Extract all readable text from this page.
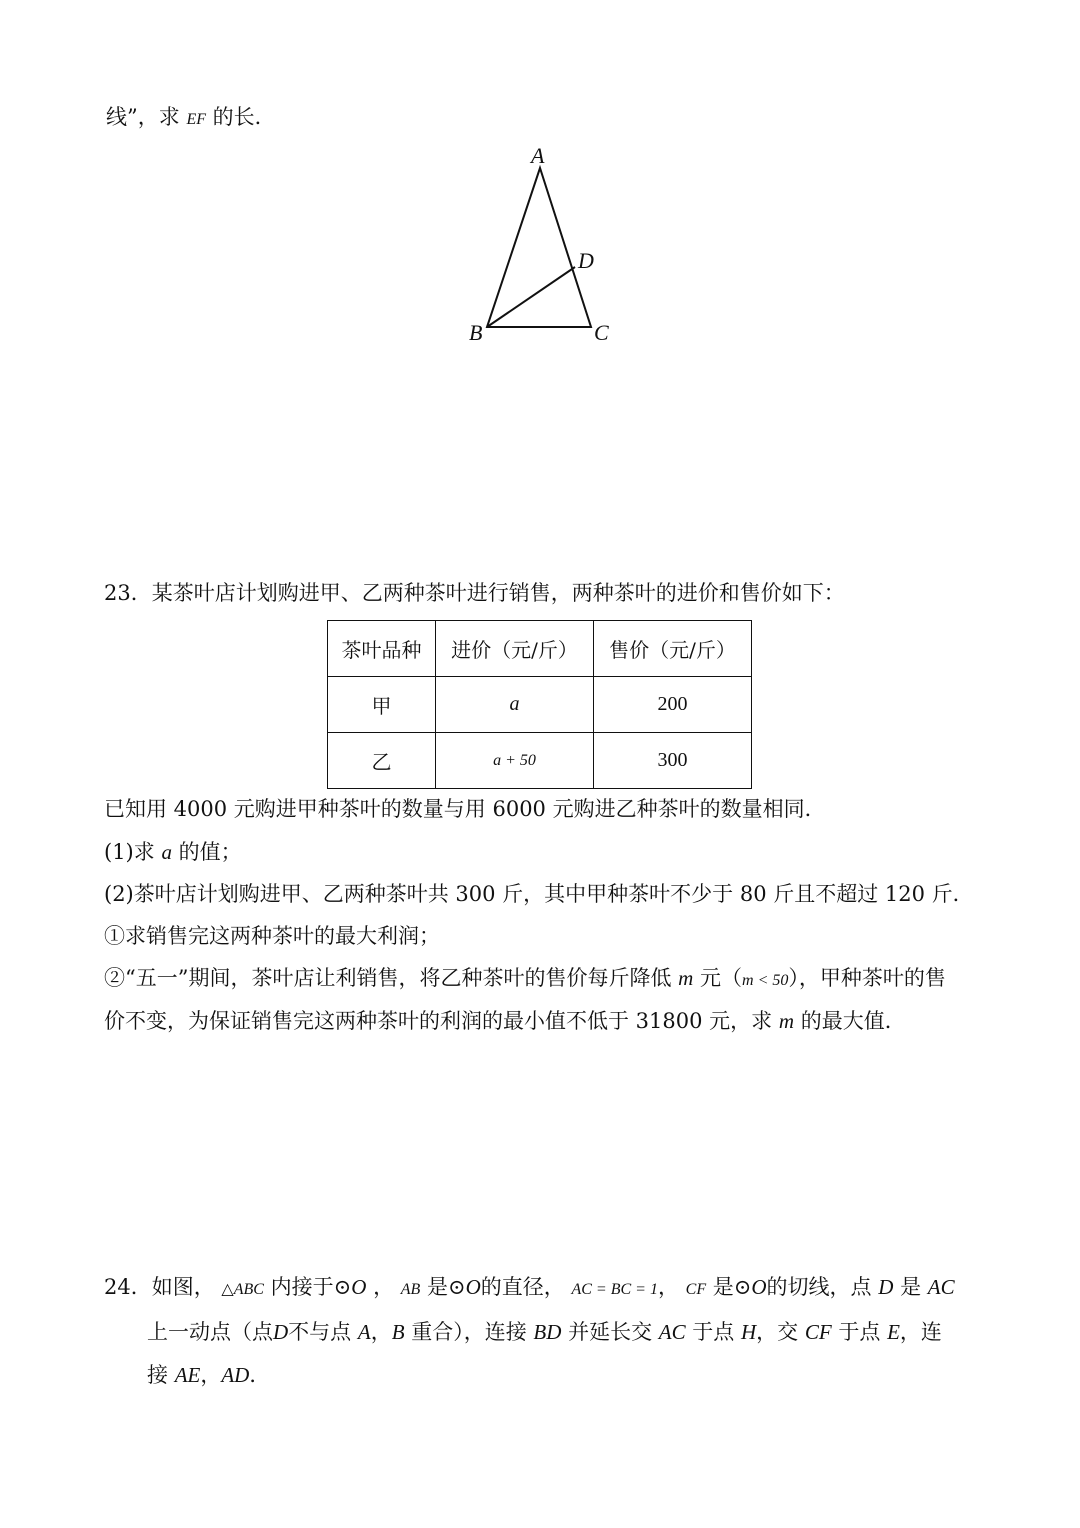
线”，求 EF 的长．
A
D
B	C
23．某茶叶店计划购进甲、乙两种茶叶进行销售，两种茶叶的进价和售价如下：
茶叶品种	进价（元/斤）	售价（元/斤）
甲	a	200
乙	a + 50	300
已知用 4000 元购进甲种茶叶的数量与用 6000 元购进乙种茶叶的数量相同．
(1)求 a 的值；
(2)茶叶店计划购进甲、乙两种茶叶共 300 斤，其中甲种茶叶不少于 80 斤且不超过 120 斤．
①求销售完这两种茶叶的最大利润；
②“五一”期间，茶叶店让利销售，将乙种茶叶的售价每斤降低 m 元（m < 50），甲种茶叶的售
价不变，为保证销售完这两种茶叶的利润的最小值不低于 31800 元，求 m 的最大值．
24．如图， △ABC 内接于⊙O ， AB 是⊙O的直径， AC = BC = 1， CF 是⊙O的切线，点 D 是 AC
上一动点（点D不与点 A，B 重合），连接 BD 并延长交 AC 于点 H，交 CF 于点 E，连
接 AE，AD．
